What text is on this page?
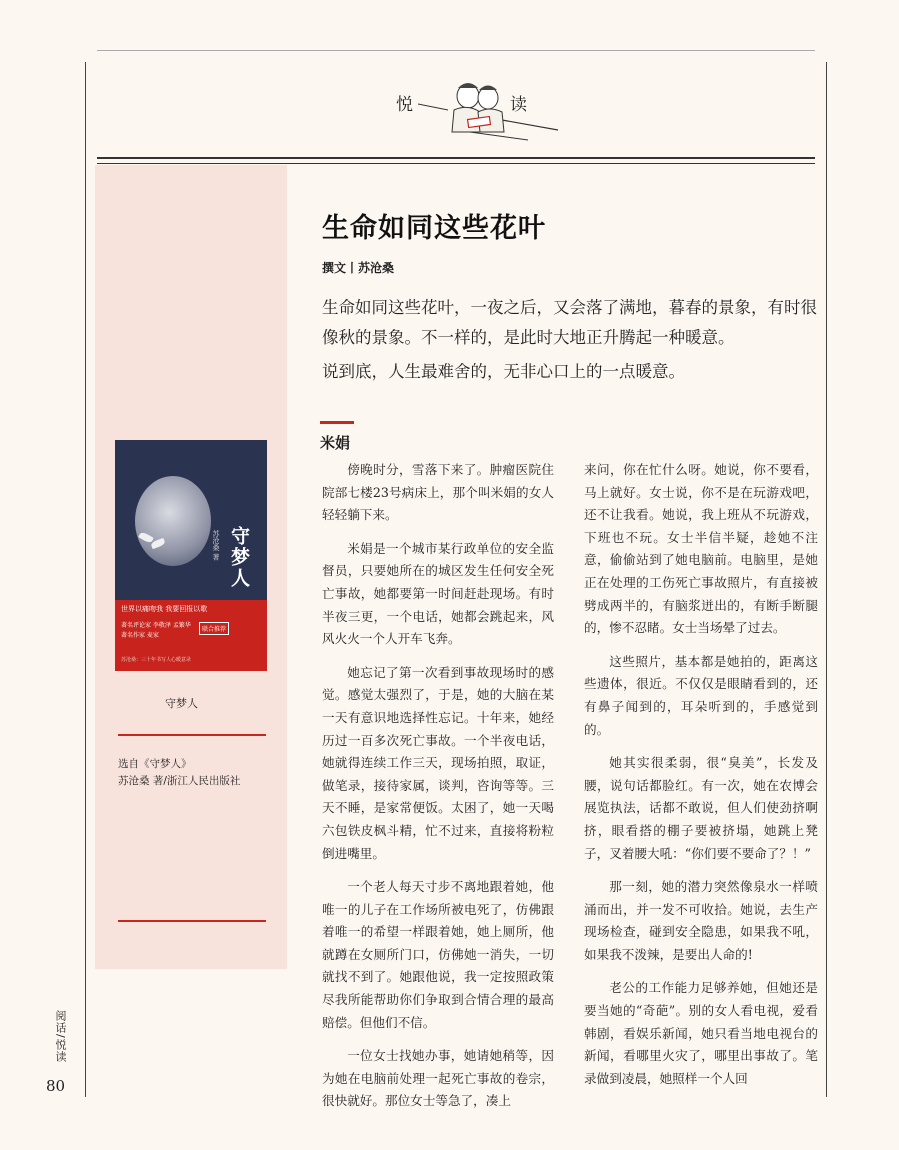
悦	读
生命如同这些花叶
撰文丨苏沧桑

生命如同这些花叶，一夜之后，又会落了满地，暮春的景象，有时很像秋的景象。不一样的，是此时大地正升腾起一种暖意。

说到底，人生最难舍的，无非心口上的一点暖意。

米娟

傍晚时分，雪落下来了。肿瘤医院住院部七楼23号病床上，那个叫米娟的女人轻轻躺下来。

米娟是一个城市某行政单位的安全监督员，只要她所在的城区发生任何安全死亡事故，她都要第一时间赶赴现场。有时半夜三更，一个电话，她都会跳起来，风风火火一个人开车飞奔。

她忘记了第一次看到事故现场时的感觉。感觉太强烈了，于是，她的大脑在某一天有意识地选择性忘记。十年来，她经历过一百多次死亡事故。一个半夜电话，她就得连续工作三天，现场拍照，取证，做笔录，接待家属，谈判，咨询等等。三天不睡，是家常便饭。太困了，她一天喝六包铁皮枫斗精，忙不过来，直接将粉粒倒进嘴里。

一个老人每天寸步不离地跟着她，他唯一的儿子在工作场所被电死了，仿佛跟着唯一的希望一样跟着她，她上厕所，他就蹲在女厕所门口，仿佛她一消失，一切就找不到了。她跟他说，我一定按照政策尽我所能帮助你们争取到合情合理的最高赔偿。但他们不信。

一位女士找她办事，她请她稍等，因为她在电脑前处理一起死亡事故的卷宗，很快就好。那位女士等急了，凑上

来问，你在忙什么呀。她说，你不要看，马上就好。女士说，你不是在玩游戏吧，还不让我看。她说，我上班从不玩游戏，下班也不玩。女士半信半疑，趁她不注意，偷偷站到了她电脑前。电脑里，是她正在处理的工伤死亡事故照片，有直接被劈成两半的，有脑浆迸出的，有断手断腿的，惨不忍睹。女士当场晕了过去。

这些照片，基本都是她拍的，距离这些遗体，很近。不仅仅是眼睛看到的，还有鼻子闻到的，耳朵听到的，手感觉到的。

她其实很柔弱，很“臭美”，长发及腰，说句话都脸红。有一次，她在农博会展览执法，话都不敢说，但人们使劲挤啊挤，眼看搭的棚子要被挤塌，她跳上凳子，叉着腰大吼：“你们要不要命了？！”

那一刻，她的潜力突然像泉水一样喷涌而出，并一发不可收拾。她说，去生产现场检查，碰到安全隐患，如果我不吼，如果我不泼辣，是要出人命的!

老公的工作能力足够养她，但她还是要当她的“奇葩”。别的女人看电视，爱看韩剧，看娱乐新闻，她只看当地电视台的新闻，看哪里火灾了，哪里出事故了。笔录做到凌晨，她照样一个人回

守梦人
苏沧桑 著
世界以痛吻我 我要回报以歌
著名评论家 李敬泽 孟繁华
著名作家 麦家
联合推荐
苏沧桑：三十年书写人心暖意录
守梦人
选自《守梦人》
苏沧桑 著/浙江人民出版社
阅话/悦读
80
